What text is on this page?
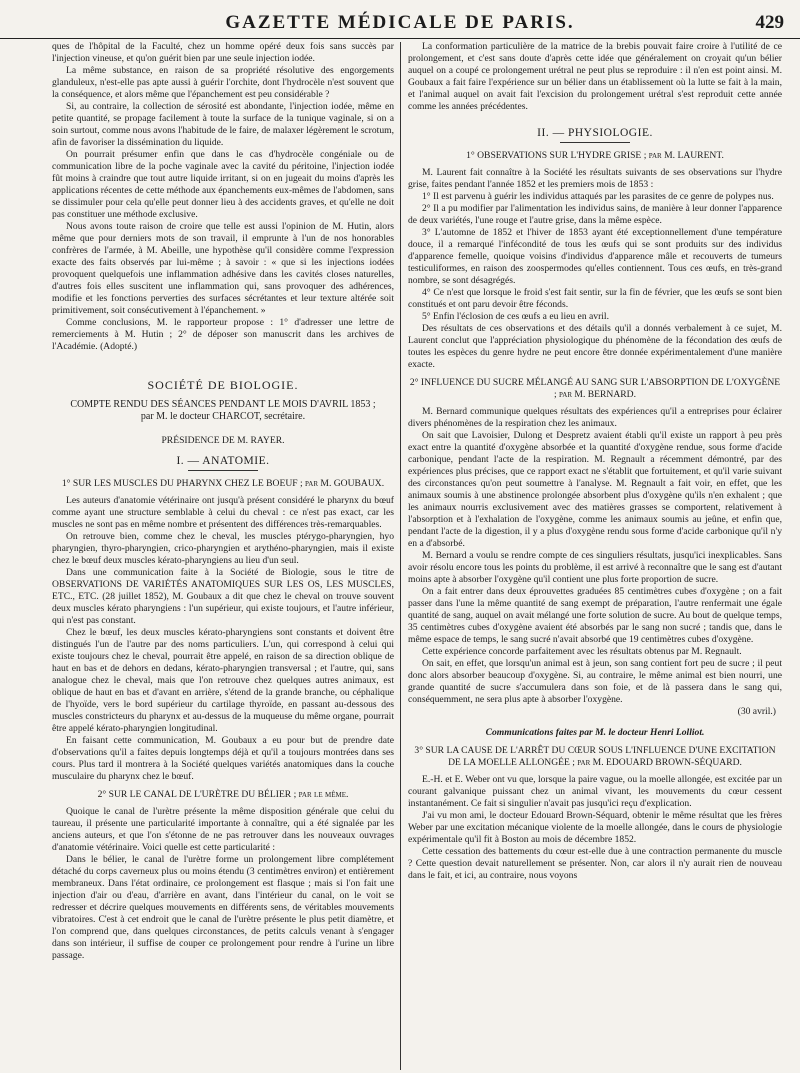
GAZETTE MÉDICALE DE PARIS.	429

ques de l'hôpital de la Faculté, chez un homme opéré deux fois sans succès par l'injection vineuse, et qu'on guérit bien par une seule injection iodée.

La même substance, en raison de sa propriété résolutive des engorgements glanduleux, n'est-elle pas apte aussi à guérir l'orchite, dont l'hydrocèle n'est souvent que la conséquence, et alors même que l'épanchement est peu considérable ?

Si, au contraire, la collection de sérosité est abondante, l'injection iodée, même en petite quantité, se propage facilement à toute la surface de la tunique vaginale, si on a soin surtout, comme nous avons l'habitude de le faire, de malaxer légèrement le scrotum, afin de favoriser la dissémination du liquide.

On pourrait présumer enfin que dans le cas d'hydrocèle congéniale ou de communication libre de la poche vaginale avec la cavité du péritoine, l'injection iodée fût moins à craindre que tout autre liquide irritant, si on en jugeait du moins d'après les applications récentes de cette méthode aux épanchements eux-mêmes de l'abdomen, sans se dissimuler pour cela qu'elle peut donner lieu à des accidents graves, et qu'elle ne doit pas constituer une méthode exclusive.

Nous avons toute raison de croire que telle est aussi l'opinion de M. Hutin, alors même que pour derniers mots de son travail, il emprunte à l'un de nos honorables confrères de l'armée, à M. Abeille, une hypothèse qu'il considère comme l'expression exacte des faits observés par lui-même ; à savoir : « que si les injections iodées provoquent quelquefois une inflammation adhésive dans les cavités closes naturelles, d'autres fois elles suscitent une inflammation qui, sans provoquer des adhérences, modifie et les fonctions perverties des surfaces sécrétantes et leur texture altérée soit primitivement, soit consécutivement à l'épanchement. »

Comme conclusions, M. le rapporteur propose : 1° d'adresser une lettre de remerciements à M. Hutin ; 2° de déposer son manuscrit dans les archives de l'Académie. (Adopté.)

SOCIÉTÉ DE BIOLOGIE.
COMPTE RENDU DES SÉANCES PENDANT LE MOIS D'AVRIL 1853 ;
par M. le docteur CHARCOT, secrétaire.
PRÉSIDENCE DE M. RAYER.
I. — ANATOMIE.
1° SUR LES MUSCLES DU PHARYNX CHEZ LE BOEUF ; par M. GOUBAUX.

Les auteurs d'anatomie vétérinaire ont jusqu'à présent considéré le pharynx du bœuf comme ayant une structure semblable à celui du cheval : ce n'est pas exact, car les muscles ne sont pas en même nombre et présentent des différences très-remarquables.

On retrouve bien, comme chez le cheval, les muscles ptérygo-pharyngien, hyo pharyngien, thyro-pharyngien, crico-pharyngien et arythéno-pharyngien, mais il existe chez le bœuf deux muscles kérato-pharyngiens au lieu d'un seul.

Dans une communication faite à la Société de Biologie, sous le titre de OBSERVATIONS DE VARIÉTÉS ANATOMIQUES SUR LES OS, LES MUSCLES, ETC., ETC. (28 juillet 1852), M. Goubaux a dit que chez le cheval on trouve souvent deux muscles kérato pharyngiens : l'un supérieur, qui existe toujours, et l'autre inférieur, qui n'est pas constant.

Chez le bœuf, les deux muscles kérato-pharyngiens sont constants et doivent être distingués l'un de l'autre par des noms particuliers. L'un, qui correspond à celui qui existe toujours chez le cheval, pourrait être appelé, en raison de sa direction oblique de haut en bas et de dehors en dedans, kérato-pharyngien transversal ; et l'autre, qui, sans analogue chez le cheval, mais que l'on retrouve chez quelques autres animaux, est oblique de haut en bas et d'avant en arrière, s'étend de la grande branche, ou céphalique de l'hyoïde, vers le bord supérieur du cartilage thyroïde, en passant au-dessous des muscles constricteurs du pharynx et au-dessus de la muqueuse du même organe, pourrait être appelé kérato-pharyngien longitudinal.

En faisant cette communication, M. Goubaux a eu pour but de prendre date d'observations qu'il a faites depuis longtemps déjà et qu'il a toujours montrées dans ses cours. Plus tard il montrera à la Société quelques variétés anatomiques dans la couche musculaire du pharynx chez le bœuf.

2° SUR LE CANAL DE L'URÈTRE DU BÉLIER ; par le même.

Quoique le canal de l'urètre présente la même disposition générale que celui du taureau, il présente une particularité importante à connaître, qui a été signalée par les anciens auteurs, et que l'on s'étonne de ne pas retrouver dans les nouveaux ouvrages d'anatomie vétérinaire. Voici quelle est cette particularité :

Dans le bélier, le canal de l'urètre forme un prolongement libre complétement détaché du corps caverneux plus ou moins étendu (3 centimètres environ) et entièrement membraneux. Dans l'état ordinaire, ce prolongement est flasque ; mais si l'on fait une injection d'air ou d'eau, d'arrière en avant, dans l'intérieur du canal, on le voit se redresser et décrire quelques mouvements en différents sens, de véritables mouvements vibratoires. C'est à cet endroit que le canal de l'urètre présente le plus petit diamètre, et l'on comprend que, dans quelques circonstances, de petits calculs venant à s'engager dans son intérieur, il suffise de couper ce prolongement pour rendre à l'urine un libre passage.

La conformation particulière de la matrice de la brebis pouvait faire croire à l'utilité de ce prolongement, et c'est sans doute d'après cette idée que généralement on croyait qu'un bélier auquel on a coupé ce prolongement urétral ne peut plus se reproduire : il n'en est point ainsi. M. Goubaux a fait faire l'expérience sur un bélier dans un établissement où la lutte se fait à la main, et l'animal auquel on avait fait l'excision du prolongement urétral s'est reproduit cette année comme les années précédentes.

II. — PHYSIOLOGIE.
1° OBSERVATIONS SUR L'HYDRE GRISE ; par M. LAURENT.

M. Laurent fait connaître à la Société les résultats suivants de ses observations sur l'hydre grise, faites pendant l'année 1852 et les premiers mois de 1853 :

1° Il est parvenu à guérir les individus attaqués par les parasites de ce genre de polypes nus.

2° Il a pu modifier par l'alimentation les individus sains, de manière à leur donner l'apparence de deux variétés, l'une rouge et l'autre grise, dans la même espèce.

3° L'automne de 1852 et l'hiver de 1853 ayant été exceptionnellement d'une température douce, il a remarqué l'infécondité de tous les œufs qui se sont produits sur des individus d'apparence femelle, quoique voisins d'individus d'apparence mâle et recouverts de tumeurs testiculiformes, en raison des zoospermodes qu'elles contiennent. Tous ces œufs, en très-grand nombre, se sont désagrégés.

4° Ce n'est que lorsque le froid s'est fait sentir, sur la fin de février, que les œufs se sont bien constitués et ont paru devoir être féconds.

5° Enfin l'éclosion de ces œufs a eu lieu en avril.

Des résultats de ces observations et des détails qu'il a donnés verbalement à ce sujet, M. Laurent conclut que l'appréciation physiologique du phénomène de la fécondation des œufs de toutes les espèces du genre hydre ne peut encore être donnée expérimentalement d'une manière exacte.

2° INFLUENCE DU SUCRE MÉLANGÉ AU SANG SUR L'ABSORPTION DE L'OXYGÈNE ; par M. BERNARD.

M. Bernard communique quelques résultats des expériences qu'il a entreprises pour éclairer divers phénomènes de la respiration chez les animaux.

On sait que Lavoisier, Dulong et Despretz avaient établi qu'il existe un rapport à peu près exact entre la quantité d'oxygène absorbée et la quantité d'oxygène rendue, sous forme d'acide carbonique, pendant l'acte de la respiration. M. Regnault a récemment démontré, par des expériences plus précises, que ce rapport exact ne s'établit que fortuitement, et qu'il varie suivant des circonstances qu'on peut soumettre à l'analyse. M. Regnault a fait voir, en effet, que les animaux soumis à une abstinence prolongée absorbent plus d'oxygène qu'ils n'en exhalent ; que les animaux nourris exclusivement avec des matières grasses se comportent, relativement à l'absorption et à l'exhalation de l'oxygène, comme les animaux soumis au jeûne, et enfin que, pendant l'acte de la digestion, il y a plus d'oxygène rendu sous forme d'acide carbonique qu'il n'y en a d'absorbé.

M. Bernard a voulu se rendre compte de ces singuliers résultats, jusqu'ici inexplicables. Sans avoir résolu encore tous les points du problème, il est arrivé à reconnaître que le sang est d'autant moins apte à absorber l'oxygène qu'il contient une plus forte proportion de sucre.

On a fait entrer dans deux éprouvettes graduées 85 centimètres cubes d'oxygène ; on a fait passer dans l'une la même quantité de sang exempt de préparation, l'autre renfermait une égale quantité de sang, auquel on avait mélangé une forte solution de sucre. Au bout de quelque temps, 35 centimètres cubes d'oxygène avaient été absorbés par le sang non sucré ; tandis que, dans le même espace de temps, le sang sucré n'avait absorbé que 19 centimètres cubes d'oxygène.

Cette expérience concorde parfaitement avec les résultats obtenus par M. Regnault.

On sait, en effet, que lorsqu'un animal est à jeun, son sang contient fort peu de sucre ; il peut donc alors absorber beaucoup d'oxygène. Si, au contraire, le même animal est bien nourri, une grande quantité de sucre s'accumulera dans son foie, et de là passera dans le sang qui, conséquemment, ne sera plus apte à absorber l'oxygène.

(30 avril.)

Communications faites par M. le docteur Henri Lolliot.
3° SUR LA CAUSE DE L'ARRÊT DU CŒUR SOUS L'INFLUENCE D'UNE EXCITATION DE LA MOELLE ALLONGÉE ; par M. EDOUARD BROWN-SÉQUARD.

E.-H. et E. Weber ont vu que, lorsque la paire vague, ou la moelle allongée, est excitée par un courant galvanique puissant chez un animal vivant, les mouvements du cœur cessent instantanément. Ce fait si singulier n'avait pas jusqu'ici reçu d'explication.

J'ai vu mon ami, le docteur Edouard Brown-Séquard, obtenir le même résultat que les frères Weber par une excitation mécanique violente de la moelle allongée, dans le cours de physiologie expérimentale qu'il fit à Boston au mois de décembre 1852.

Cette cessation des battements du cœur est-elle due à une contraction permanente du muscle ? Cette question devait naturellement se présenter. Non, car alors il n'y aurait rien de nouveau dans le fait, et ici, au contraire, nous voyons
